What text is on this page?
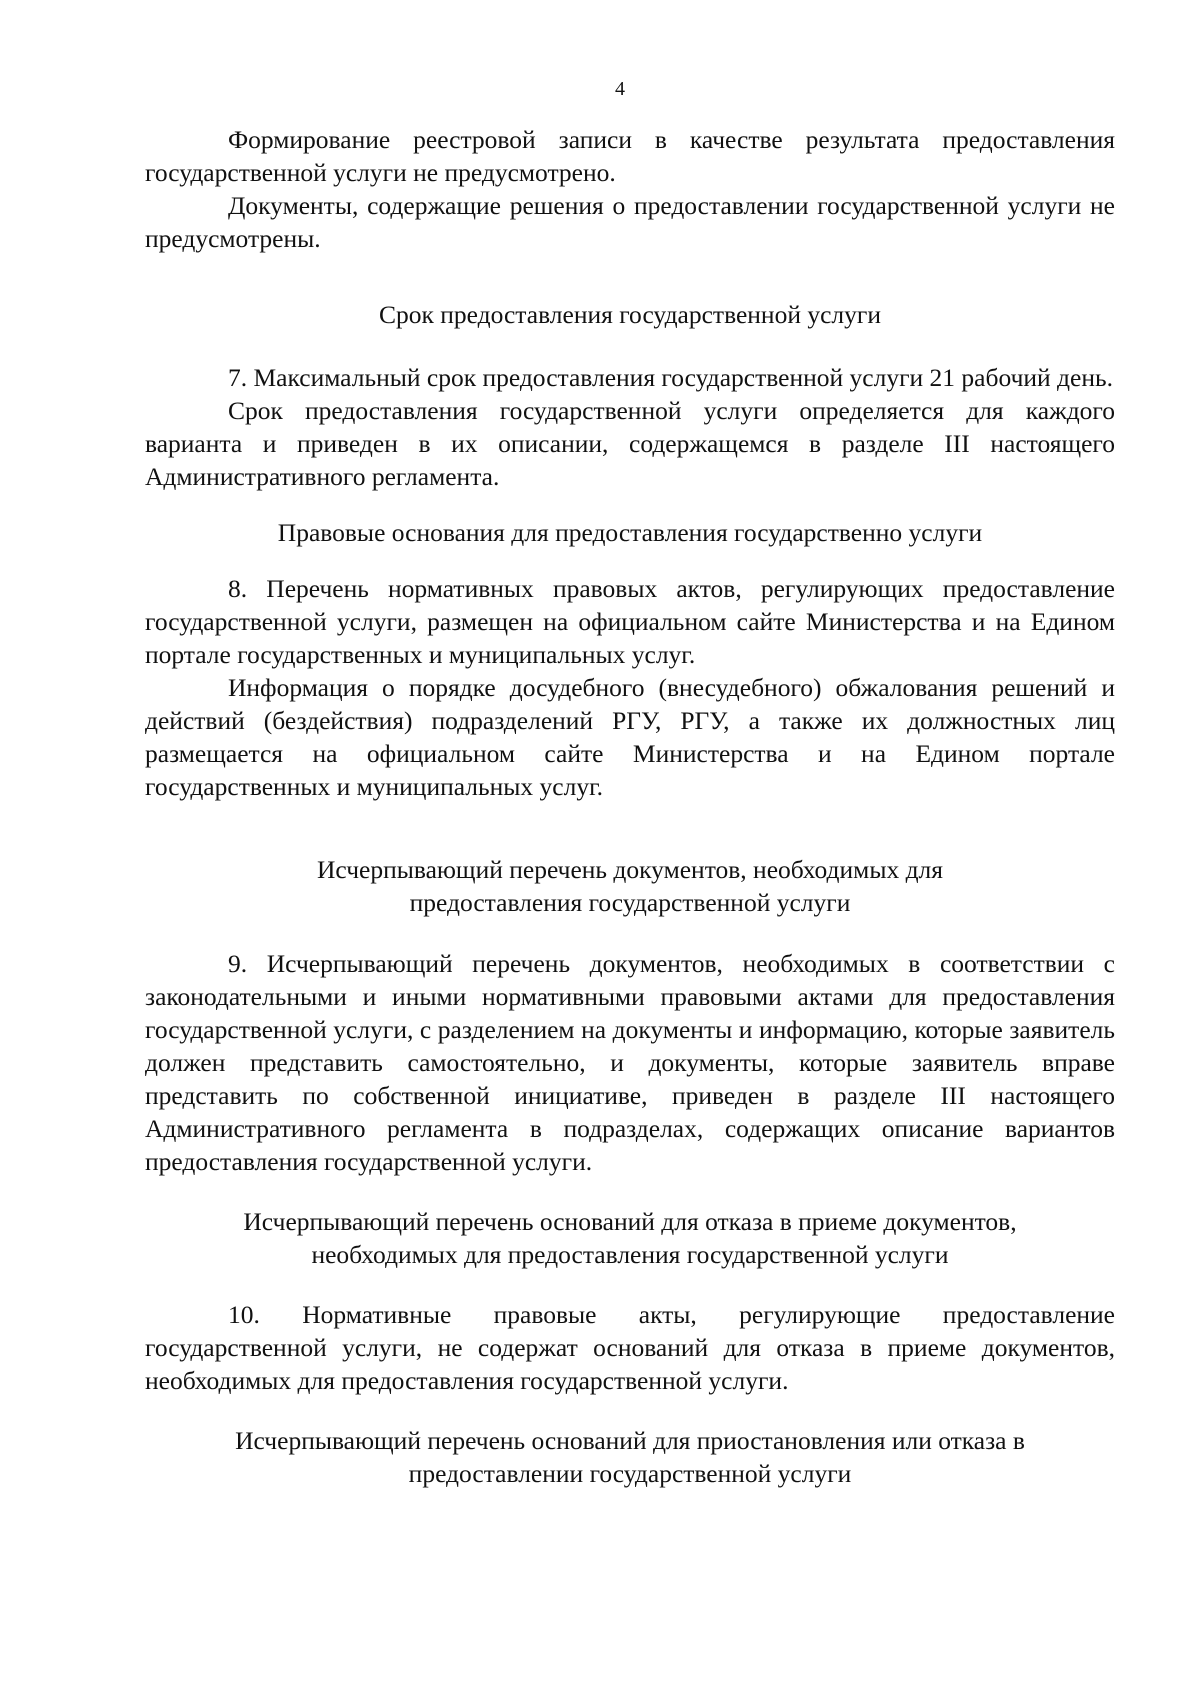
4

Формирование реестровой записи в качестве результата предоставления государственной услуги не предусмотрено.

Документы, содержащие решения о предоставлении государственной услуги не предусмотрены.

Срок предоставления государственной услуги

7. Максимальный срок предоставления государственной услуги 21 рабочий день.

Срок предоставления государственной услуги определяется для каждого варианта и приведен в их описании, содержащемся в разделе III настоящего Административного регламента.

Правовые основания для предоставления государственно услуги

8. Перечень нормативных правовых актов, регулирующих предоставление государственной услуги, размещен на официальном сайте Министерства и на Едином портале государственных и муниципальных услуг.

Информация о порядке досудебного (внесудебного) обжалования решений и действий (бездействия) подразделений РГУ, РГУ, а также их должностных лиц размещается на официальном сайте Министерства и на Едином портале государственных и муниципальных услуг.

Исчерпывающий перечень документов, необходимых для
предоставления государственной услуги

9. Исчерпывающий перечень документов, необходимых в соответствии с законодательными и иными нормативными правовыми актами для предоставления государственной услуги, с разделением на документы и информацию, которые заявитель должен представить самостоятельно, и документы, которые заявитель вправе представить по собственной инициативе, приведен в разделе III настоящего Административного регламента в подразделах, содержащих описание вариантов предоставления государственной услуги.

Исчерпывающий перечень оснований для отказа в приеме документов,
необходимых для предоставления государственной услуги

10. Нормативные правовые акты, регулирующие предоставление государственной услуги, не содержат оснований для отказа в приеме документов, необходимых для предоставления государственной услуги.

Исчерпывающий перечень оснований для приостановления или отказа в
предоставлении государственной услуги
